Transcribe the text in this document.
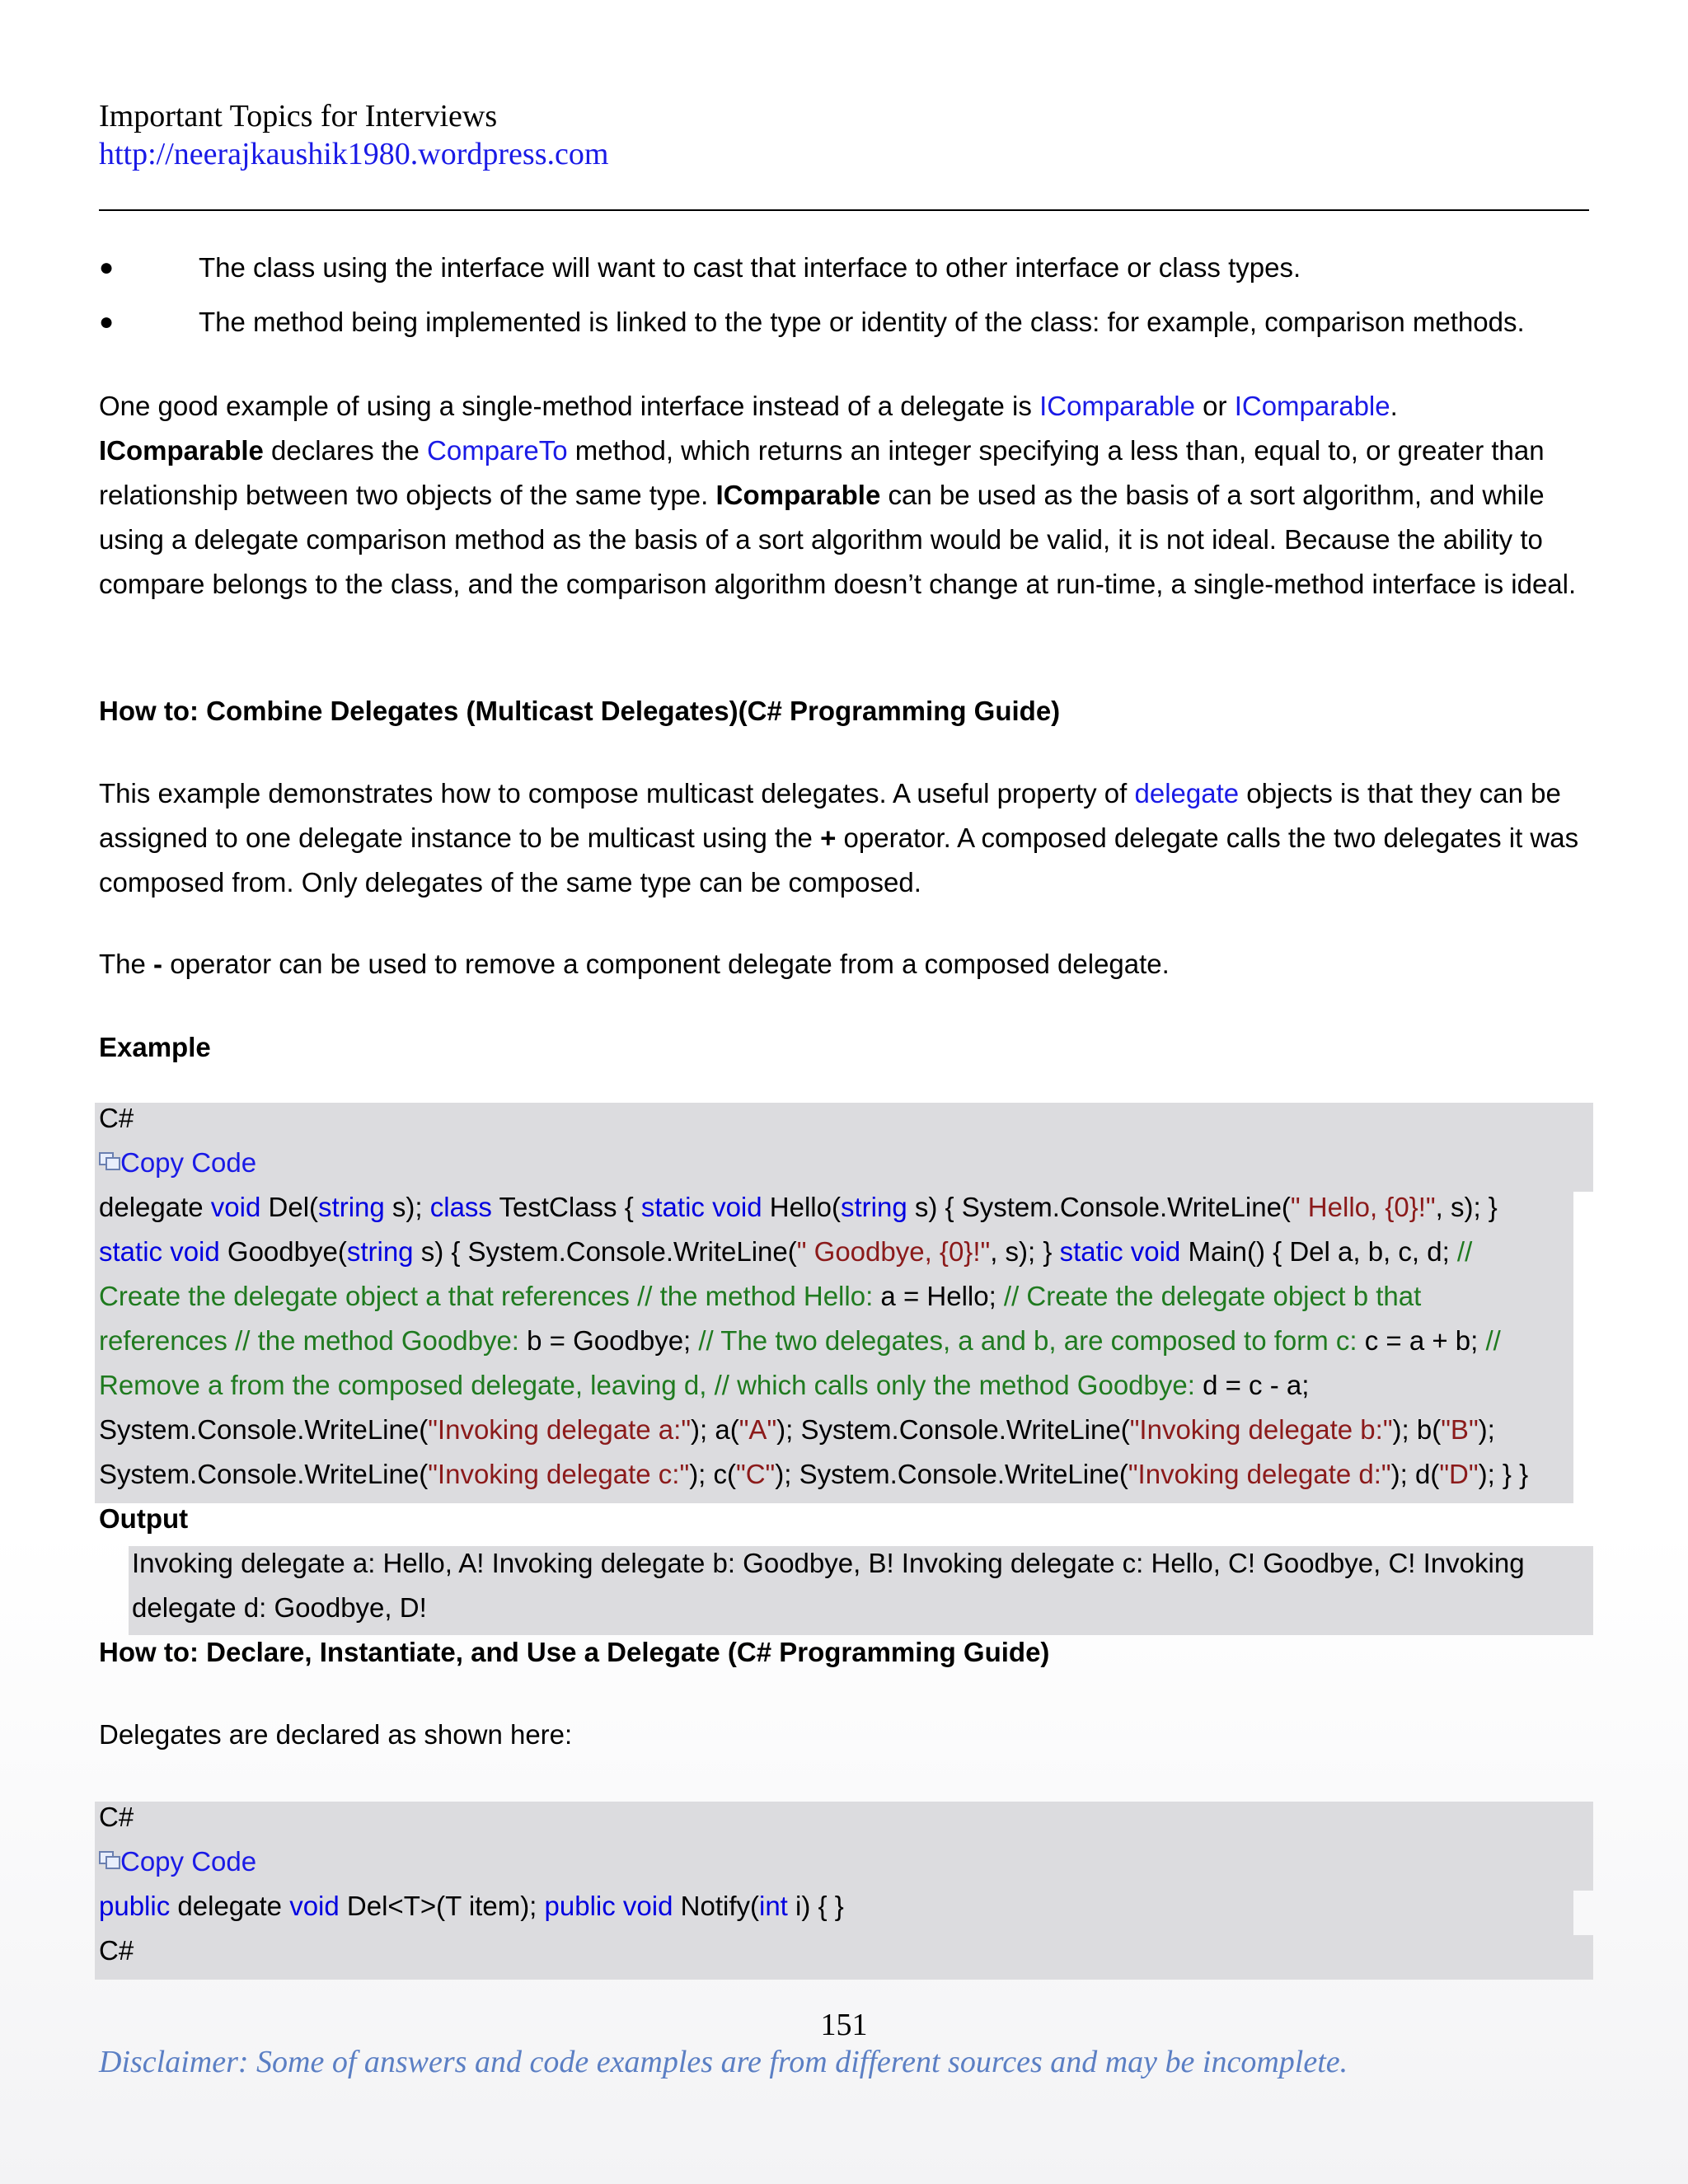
Important Topics for Interviews
http://neerajkaushik1980.wordpress.com
●	The class using the interface will want to cast that interface to other interface or class types.
●	The method being implemented is linked to the type or identity of the class: for example, comparison methods.
One good example of using a single-method interface instead of a delegate is IComparable or IComparable.
IComparable declares the CompareTo method, which returns an integer specifying a less than, equal to, or greater than relationship between two objects of the same type. IComparable can be used as the basis of a sort algorithm, and while using a delegate comparison method as the basis of a sort algorithm would be valid, it is not ideal. Because the ability to compare belongs to the class, and the comparison algorithm doesn’t change at run-time, a single-method interface is ideal.
How to: Combine Delegates (Multicast Delegates)(C# Programming Guide)
This example demonstrates how to compose multicast delegates. A useful property of delegate objects is that they can be assigned to one delegate instance to be multicast using the + operator. A composed delegate calls the two delegates it was composed from. Only delegates of the same type can be composed.
The - operator can be used to remove a component delegate from a composed delegate.
Example
C#
Copy Code
delegate void Del(string s); class TestClass { static void Hello(string s) { System.Console.WriteLine(" Hello, {0}!", s); }
static void Goodbye(string s) { System.Console.WriteLine(" Goodbye, {0}!", s); } static void Main() { Del a, b, c, d; //
Create the delegate object a that references // the method Hello: a = Hello; // Create the delegate object b that
references // the method Goodbye: b = Goodbye; // The two delegates, a and b, are composed to form c: c = a + b; //
Remove a from the composed delegate, leaving d, // which calls only the method Goodbye: d = c - a;
System.Console.WriteLine("Invoking delegate a:"); a("A"); System.Console.WriteLine("Invoking delegate b:"); b("B");
System.Console.WriteLine("Invoking delegate c:"); c("C"); System.Console.WriteLine("Invoking delegate d:"); d("D"); } }
Output
Invoking delegate a: Hello, A! Invoking delegate b: Goodbye, B! Invoking delegate c: Hello, C! Goodbye, C! Invoking delegate d: Goodbye, D!
How to: Declare, Instantiate, and Use a Delegate (C# Programming Guide)
Delegates are declared as shown here:
C#
Copy Code
public delegate void Del<T>(T item); public void Notify(int i) { }
C#
151
Disclaimer: Some of answers and code examples are from different sources and may be incomplete.
